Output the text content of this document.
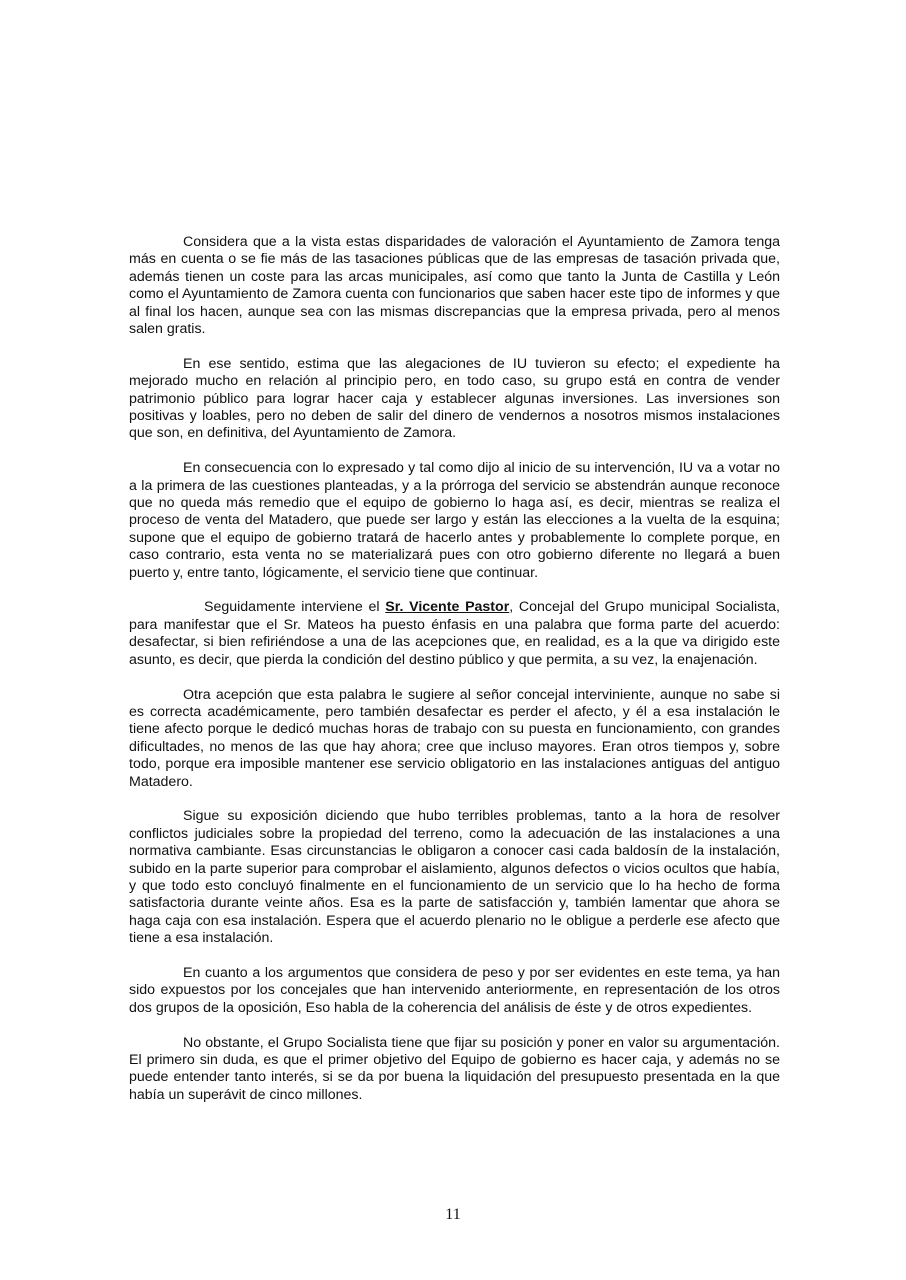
Considera que a la vista estas disparidades de valoración el Ayuntamiento de Zamora tenga más en cuenta o se fie más de las tasaciones públicas que de las empresas de tasación privada que, además tienen un coste para las arcas municipales, así como que tanto la Junta de Castilla y León como el Ayuntamiento de Zamora cuenta con funcionarios que saben hacer este tipo de informes y que al final los hacen, aunque sea con las mismas discrepancias que la empresa privada, pero al menos salen gratis.

En ese sentido, estima que las alegaciones de IU tuvieron su efecto; el expediente ha mejorado mucho en relación al principio pero, en todo caso, su grupo está en contra de vender patrimonio público para lograr hacer caja y establecer algunas inversiones. Las inversiones son positivas y loables, pero no deben de salir del dinero de vendernos a nosotros mismos instalaciones que son, en definitiva, del Ayuntamiento de Zamora.

En consecuencia con lo expresado y tal como dijo al inicio de su intervención, IU va a votar no a la primera de las cuestiones planteadas, y a la prórroga del servicio se abstendrán aunque reconoce que no queda más remedio que el equipo de gobierno lo haga así, es decir, mientras se realiza el proceso de venta del Matadero, que puede ser largo y están las elecciones a la vuelta de la esquina; supone que el equipo de gobierno tratará de hacerlo antes y probablemente lo complete porque, en caso contrario, esta venta no se materializará pues con otro gobierno diferente no llegará a buen puerto y, entre tanto, lógicamente, el servicio tiene que continuar.

Seguidamente interviene el Sr. Vicente Pastor, Concejal del Grupo municipal Socialista, para manifestar que el Sr. Mateos ha puesto énfasis en una palabra que forma parte del acuerdo: desafectar, si bien refiriéndose a una de las acepciones que, en realidad, es a la que va dirigido este asunto, es decir, que pierda la condición del destino público y que permita, a su vez, la enajenación.

Otra acepción que esta palabra le sugiere al señor concejal interviniente, aunque no sabe si es correcta académicamente, pero también desafectar es perder el afecto, y él a esa instalación le tiene afecto porque le dedicó muchas horas de trabajo con su puesta en funcionamiento, con grandes dificultades, no menos de las que hay ahora; cree que incluso mayores. Eran otros tiempos y, sobre todo, porque era imposible mantener ese servicio obligatorio en las instalaciones antiguas del antiguo Matadero.

Sigue su exposición diciendo que hubo terribles problemas, tanto a la hora de resolver conflictos judiciales sobre la propiedad del terreno, como la adecuación de las instalaciones a una normativa cambiante. Esas circunstancias le obligaron a conocer casi cada baldosín de la instalación, subido en la parte superior para comprobar el aislamiento, algunos defectos o vicios ocultos que había, y que todo esto concluyó finalmente en el funcionamiento de un servicio que lo ha hecho de forma satisfactoria durante veinte años. Esa es la parte de satisfacción y, también lamentar que ahora se haga caja con esa instalación. Espera que el acuerdo plenario no le obligue a perderle ese afecto que tiene a esa instalación.

En cuanto a los argumentos que considera de peso y por ser evidentes en este tema, ya han sido expuestos por los concejales que han intervenido anteriormente, en representación de los otros dos grupos de la oposición, Eso habla de la coherencia del análisis de éste y de otros expedientes.

No obstante, el Grupo Socialista tiene que fijar su posición y poner en valor su argumentación. El primero sin duda, es que el primer objetivo del Equipo de gobierno es hacer caja, y además no se puede entender tanto interés, si se da por buena la liquidación del presupuesto presentada en la que había un superávit de cinco millones.

11
